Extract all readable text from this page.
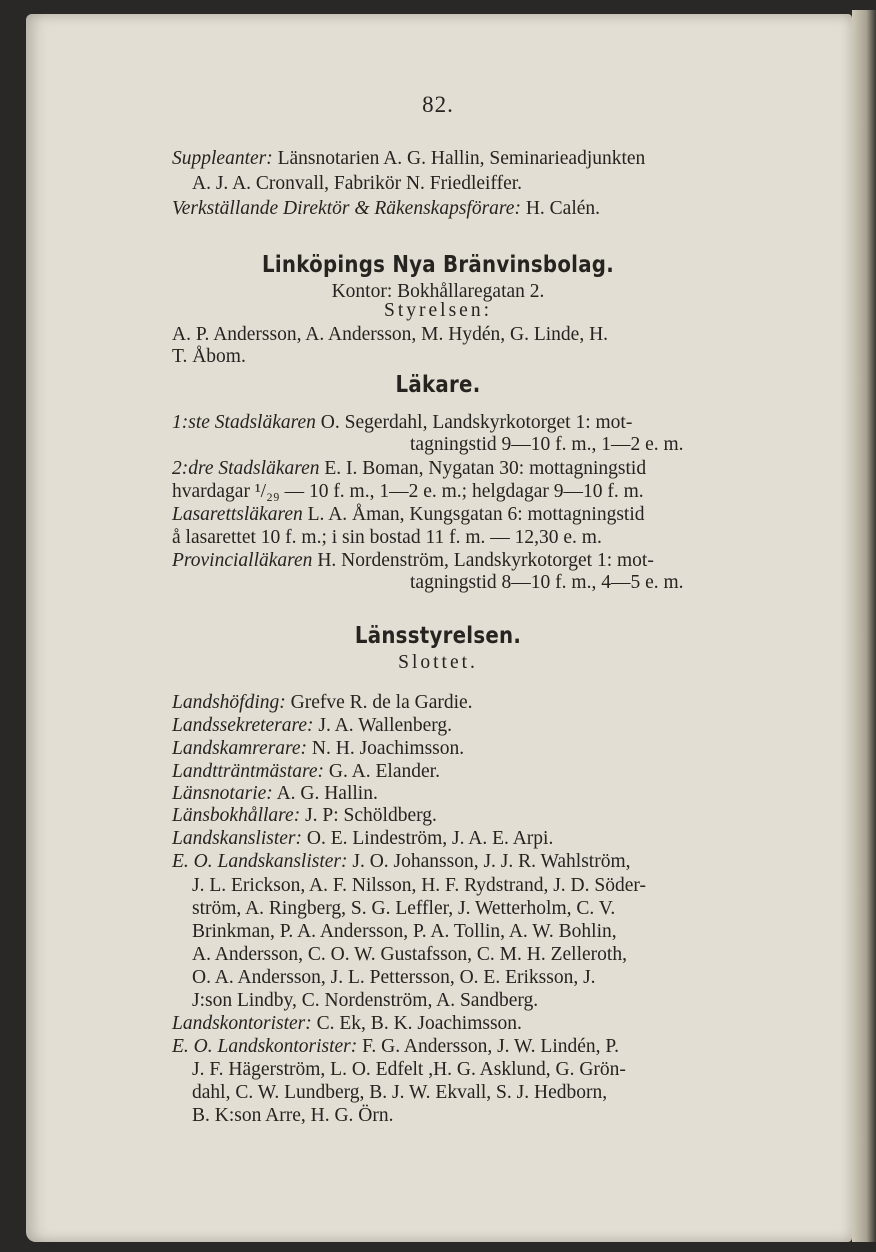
82.
Suppleanter: Länsnotarien A. G. Hallin, Seminarieadjunkten
A. J. A. Cronvall, Fabrikör N. Friedleiffer.
Verkställande Direktör & Räkenskapsförare: H. Calén.
Linköpings Nya Bränvinsbolag.
Kontor: Bokhållaregatan 2.
Styrelsen:
A. P. Andersson, A. Andersson, M. Hydén, G. Linde, H.
T. Åbom.
Läkare.
1:ste Stadsläkaren O. Segerdahl, Landskyrkotorget 1: mot-
tagningstid 9—10 f. m., 1—2 e. m.
2:dre Stadsläkaren E. I. Boman, Nygatan 30: mottagningstid
hvardagar ¹/₂₉ — 10 f. m., 1—2 e. m.; helgdagar 9—10 f. m.
Lasarettsläkaren L. A. Åman, Kungsgatan 6: mottagningstid
å lasarettet 10 f. m.; i sin bostad 11 f. m. — 12,30 e. m.
Provincialläkaren H. Nordenström, Landskyrkotorget 1: mot-
tagningstid 8—10 f. m., 4—5 e. m.
Länsstyrelsen.
Slottet.
Landshöfding: Grefve R. de la Gardie.
Landssekreterare: J. A. Wallenberg.
Landskamrerare: N. H. Joachimsson.
Landtträntmästare: G. A. Elander.
Länsnotarie: A. G. Hallin.
Länsbokhållare: J. P: Schöldberg.
Landskanslister: O. E. Lindeström, J. A. E. Arpi.
E. O. Landskanslister: J. O. Johansson, J. J. R. Wahlström,
J. L. Erickson, A. F. Nilsson, H. F. Rydstrand, J. D. Söder-
ström, A. Ringberg, S. G. Leffler, J. Wetterholm, C. V.
Brinkman, P. A. Andersson, P. A. Tollin, A. W. Bohlin,
A. Andersson, C. O. W. Gustafsson, C. M. H. Zelleroth,
O. A. Andersson, J. L. Pettersson, O. E. Eriksson, J.
J:son Lindby, C. Nordenström, A. Sandberg.
Landskontorister: C. Ek, B. K. Joachimsson.
E. O. Landskontorister: F. G. Andersson, J. W. Lindén, P.
J. F. Hägerström, L. O. Edfelt ,H. G. Asklund, G. Grön-
dahl, C. W. Lundberg, B. J. W. Ekvall, S. J. Hedborn,
B. K:son Arre, H. G. Örn.
